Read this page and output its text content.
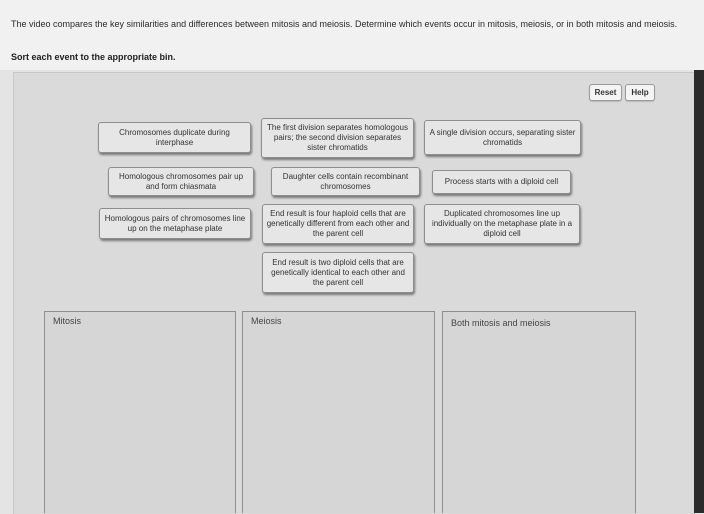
The video compares the key similarities and differences between mitosis and meiosis. Determine which events occur in mitosis, meiosis, or in both mitosis and meiosis.
Sort each event to the appropriate bin.
Reset	Help
Chromosomes duplicate during interphase
The first division separates homologous pairs; the second division separates sister chromatids
A single division occurs, separating sister chromatids
Homologous chromosomes pair up and form chiasmata
Daughter cells contain recombinant chromosomes	Process starts with a diploid cell
Homologous pairs of chromosomes line up on the metaphase plate
End result is four haploid cells that are genetically different from each other and the parent cell
Duplicated chromosomes line up individually on the metaphase plate in a diploid cell
End result is two diploid cells that are genetically identical to each other and the parent cell
Mitosis	Meiosis	Both mitosis and meiosis
